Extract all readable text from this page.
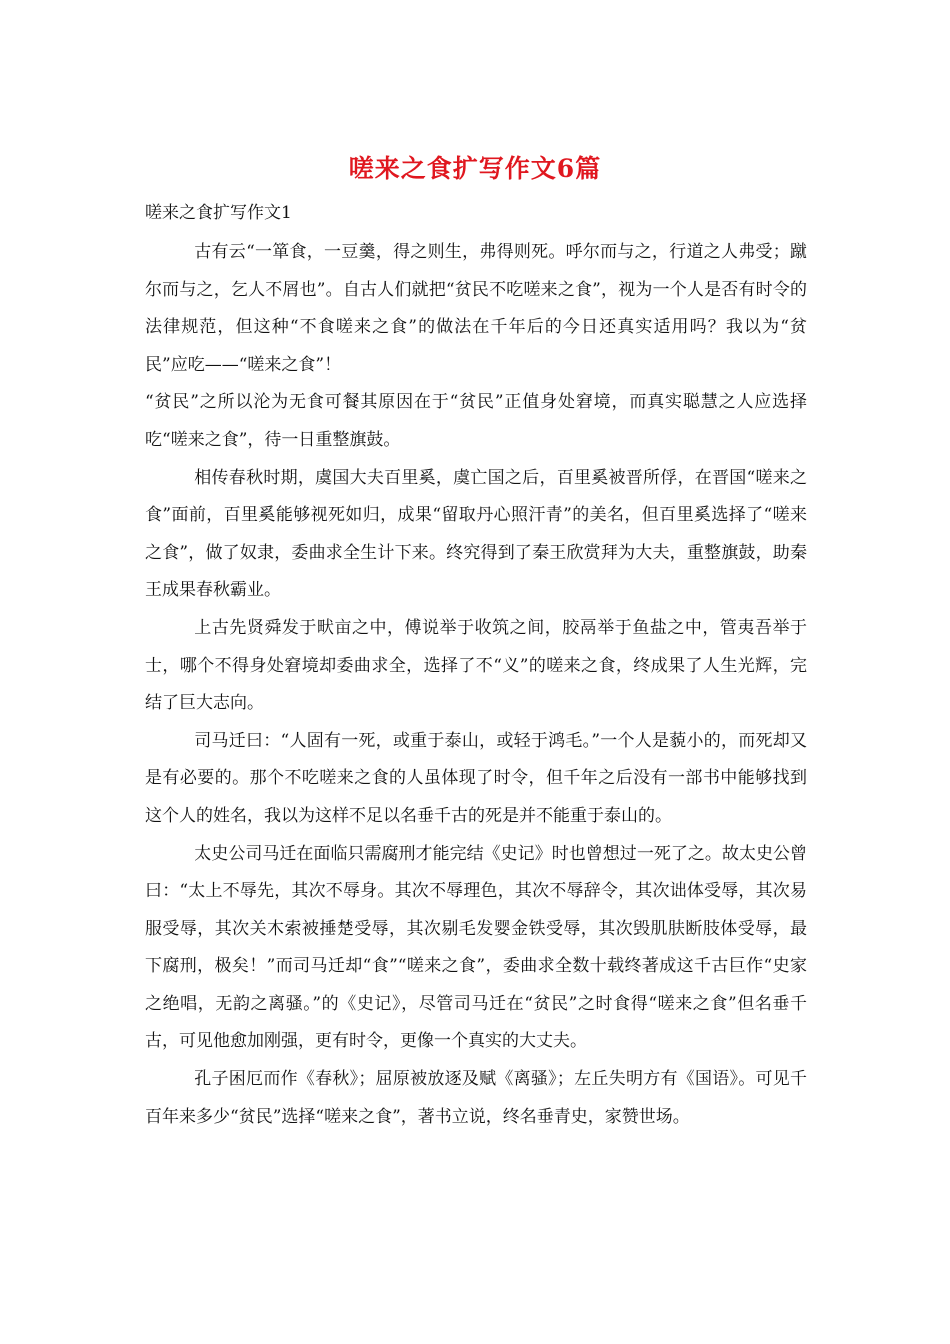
嗟来之食扩写作文6篇
嗟来之食扩写作文1

古有云“一箪食，一豆羹，得之则生，弗得则死。呼尔而与之，行道之人弗受；蹴尔而与之，乞人不屑也”。自古人们就把“贫民不吃嗟来之食”，视为一个人是否有时令的法律规范，但这种“不食嗟来之食”的做法在千年后的今日还真实适用吗？我以为“贫民”应吃——“嗟来之食”！

“贫民”之所以沦为无食可餐其原因在于“贫民”正值身处窘境，而真实聪慧之人应选择吃“嗟来之食”，待一日重整旗鼓。

相传春秋时期，虞国大夫百里奚，虞亡国之后，百里奚被晋所俘，在晋国“嗟来之食”面前，百里奚能够视死如归，成果“留取丹心照汗青”的美名，但百里奚选择了“嗟来之食”，做了奴隶，委曲求全生计下来。终究得到了秦王欣赏拜为大夫，重整旗鼓，助秦王成果春秋霸业。

上古先贤舜发于畎亩之中，傅说举于收筑之间，胶鬲举于鱼盐之中，管夷吾举于士，哪个不得身处窘境却委曲求全，选择了不“义”的嗟来之食，终成果了人生光辉，完结了巨大志向。

司马迁曰：“人固有一死，或重于泰山，或轻于鸿毛。”一个人是藐小的，而死却又是有必要的。那个不吃嗟来之食的人虽体现了时令，但千年之后没有一部书中能够找到这个人的姓名，我以为这样不足以名垂千古的死是并不能重于泰山的。

太史公司马迁在面临只需腐刑才能完结《史记》时也曾想过一死了之。故太史公曾曰：“太上不辱先，其次不辱身。其次不辱理色，其次不辱辞令，其次诎体受辱，其次易服受辱，其次关木索被捶楚受辱，其次剔毛发婴金铁受辱，其次毁肌肤断肢体受辱，最下腐刑，极矣！”而司马迁却“食”“嗟来之食”，委曲求全数十载终著成这千古巨作“史家之绝唱，无韵之离骚。”的《史记》，尽管司马迁在“贫民”之时食得“嗟来之食”但名垂千古，可见他愈加刚强，更有时令，更像一个真实的大丈夫。

孔子困厄而作《春秋》；屈原被放逐及赋《离骚》；左丘失明方有《国语》。可见千百年来多少“贫民”选择“嗟来之食”，著书立说，终名垂青史，家赞世场。
